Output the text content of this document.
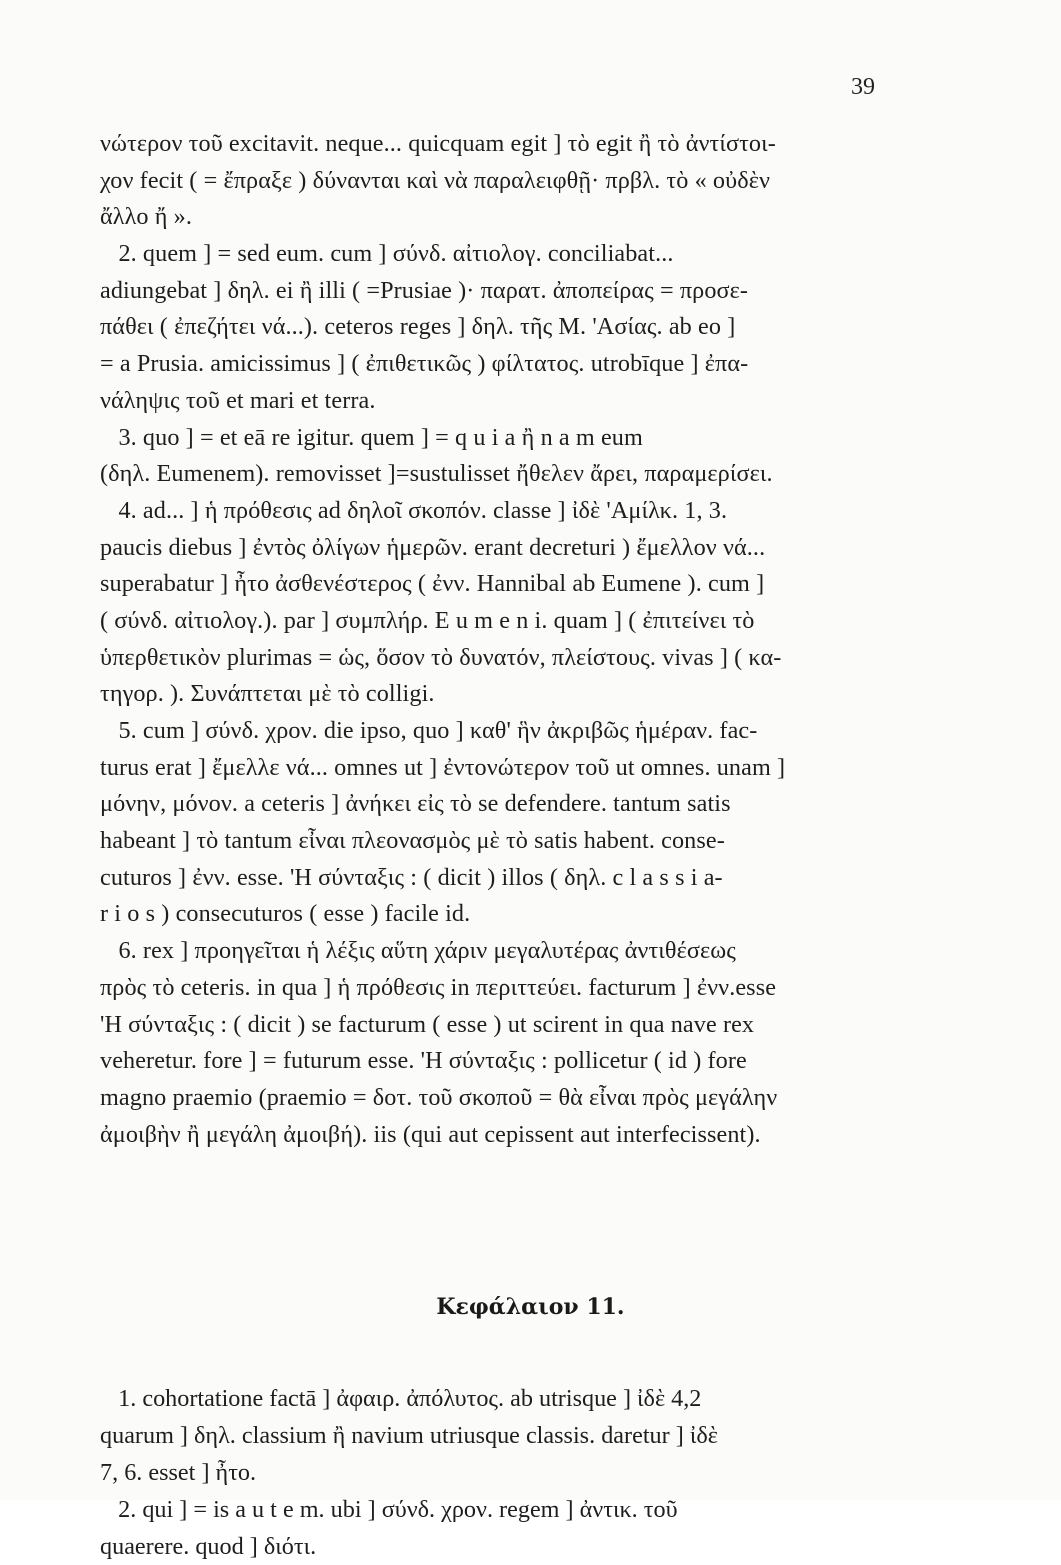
39
νώτερον τοῦ excitavit. neque... quicquam egit ] τὸ egit ἢ τὸ ἀντίστοι-
χον fecit ( = ἔπραξε ) δύνανται καὶ νὰ παραλειφθῇ· πρβλ. τὸ « οὐδὲν
ἄλλο ἤ ».
2. quem ] = sed eum. cum ] σύνδ. αἰτιολογ. conciliabat...
adiungebat ] δηλ. ei ἢ illi ( =Prusiae )· παρατ. ἀποπείρας = προσε-
πάθει ( ἐπεζήτει νά...). ceteros reges ] δηλ. τῆς Μ. 'Ασίας. ab eo ]
= a Prusia. amicissimus ] ( ἐπιθετικῶς ) φίλτατος. utrobīque ] ἐπα-
νάληψις τοῦ et mari et terra.
3. quo ] = et eā re igitur. quem ] = q u i a ἢ n a m eum
(δηλ. Eumenem). removisset ]=sustulisset ἤθελεν ἄρει, παραμερίσει.
4. ad... ] ἡ πρόθεσις ad δηλοῖ σκοπόν. classe ] ἰδὲ 'Αμίλκ. 1, 3.
paucis diebus ] ἐντὸς ὀλίγων ἡμερῶν. erant decreturi ) ἔμελλον νά...
superabatur ] ἦτο ἀσθενέστερος ( ἐνν. Hannibal ab Eumene ). cum ]
( σύνδ. αἰτιολογ.). par ] συμπλήρ. E u m e n i. quam ] ( ἐπιτείνει τὸ
ὑπερθετικὸν plurimas = ὡς, ὅσον τὸ δυνατόν, πλείστους. vivas ] ( κα-
τηγορ. ). Συνάπτεται μὲ τὸ colligi.
5. cum ] σύνδ. χρον. die ipso, quo ] καθ' ἣν ἀκριβῶς ἡμέραν. fac-
turus erat ] ἔμελλε νά... omnes ut ] ἐντονώτερον τοῦ ut omnes. unam ]
μόνην, μόνον. a ceteris ] ἀνήκει εἰς τὸ se defendere. tantum satis
habeant ] τὸ tantum εἶναι πλεονασμὸς μὲ τὸ satis habent. conse-
cuturos ] ἐνν. esse. 'Η σύνταξις : ( dicit ) illos ( δηλ. c l a s s i a-
r i o s ) consecuturos ( esse ) facile id.
6. rex ] προηγεῖται ἡ λέξις αὕτη χάριν μεγαλυτέρας ἀντιθέσεως
πρὸς τὸ ceteris. in qua ] ἡ πρόθεσις in περιττεύει. facturum ] ἐνν.esse
'Η σύνταξις : ( dicit ) se facturum ( esse ) ut scirent in qua nave rex
veheretur. fore ] = futurum esse. 'Η σύνταξις : pollicetur ( id ) fore
magno praemio (praemio = δοτ. τοῦ σκοποῦ = θὰ εἶναι πρὸς μεγάλην
ἀμοιβὴν ἢ μεγάλη ἀμοιβή). iis (qui aut cepissent aut interfecissent).
Κεφάλαιον 11.
1. cohortatione factā ] ἀφαιρ. ἀπόλυτος. ab utrisque ] ἰδὲ 4,2
quarum ] δηλ. classium ἢ navium utriusque classis. daretur ] ἰδὲ
7, 6. esset ] ἦτο.
2. qui ] = is a u t e m. ubi ] σύνδ. χρον. regem ] ἀντικ. τοῦ
quaerere. quod ] διότι.
